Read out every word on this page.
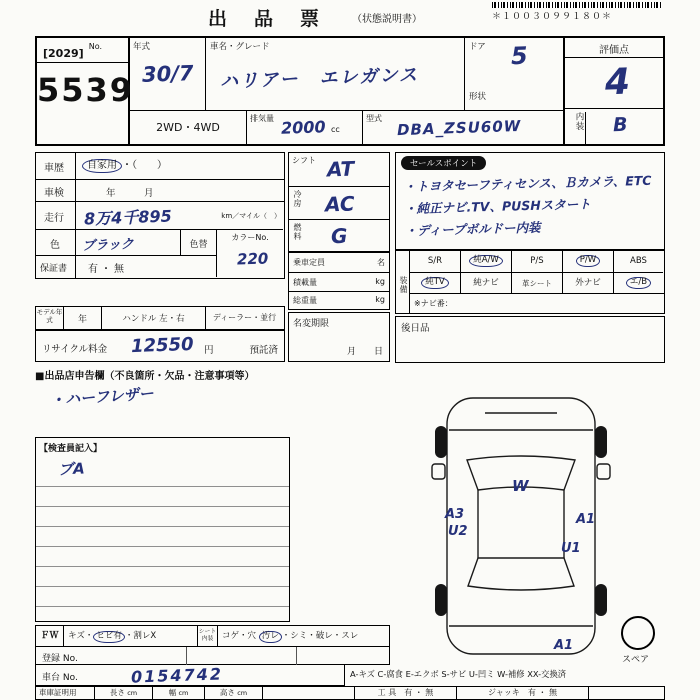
出　品　票	（状態説明書）	＊１００３０９９１８０＊
[2029] $^{No.}$
5539
年式
30/7
車名・グレード
ハリアー　エレガンス
ドア 5
形状
2WD・4WD
排気量 2000 cc
型式 DBA_ZSU60W
評価点
4
内装 B
車歴	自家用 ・（　　）
車検	年　　　月
走行	8万4千895	km／マイル（　）
色	ブラック	色替
カラーNo.
220
保証書	有・無
モデル年式	年	ハンドル 左・右	ディーラー・並行
リサイクル料金 12550 円	預託済
シフト AT
冷房 AC
燃料 G
乗車定員	名
積載量	kg
総重量	kg
名変期限
月　　日
セールスポイント
・トヨタセーフティセンス、Ｂカメラ、ETC
・純正ナビ.TV、PUSHスタート
・ディープボルドー内装
装備
S/R	純A/W	P/S	P/W	ABS
純TV	純ナビ	革シート	外ナビ	エ/B
※ナビ番：
後日品
■出品店申告欄（不良箇所・欠品・注意事項等）
・ハーフレザー
【検査員記入】
ブA
W
A3
U2
A1
U1
A1
スペア
A-キズ C-腐食 E-エクボ S-サビ U-凹ミ W-補修 XX-交換済
ＦＷ	キズ・ ヒビ有 ・割レX	シート内装	コゲ・穴 汚レ ・シミ・破レ・スレ
登録 No.
車台 No.	0154742
車庫証明用	長さ cm	幅 cm	高さ cm	工 具　 有 ・ 無	ジャッキ　 有 ・ 無
